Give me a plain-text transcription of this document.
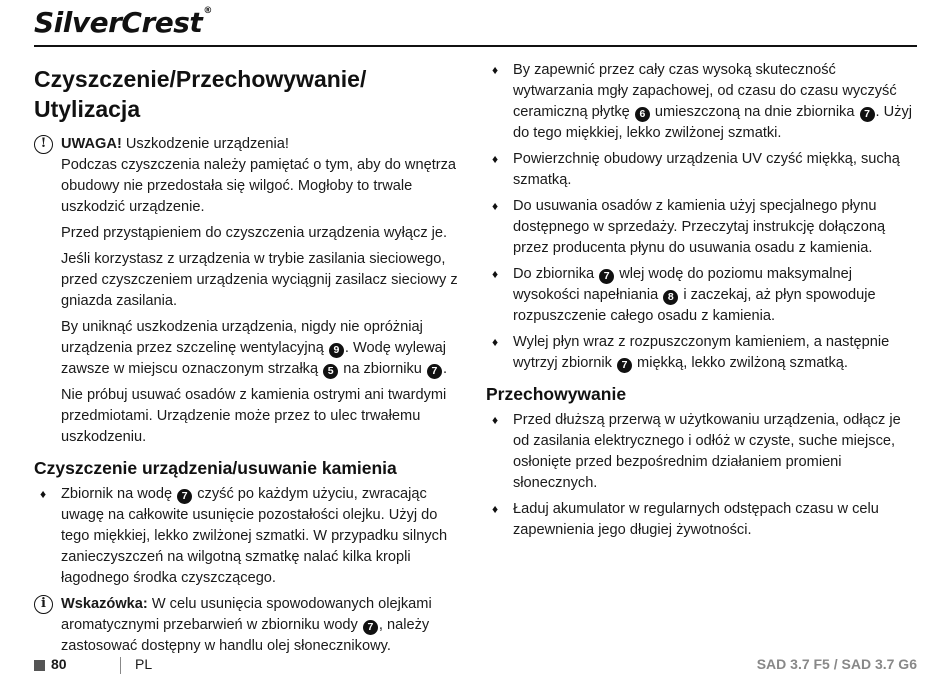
SilverCrest®
Czyszczenie/Przechowywanie/ Utylizacja
!	UWAGA! Uszkodzenie urządzenia!
Podczas czyszczenia należy pamiętać o tym, aby do wnętrza obudowy nie przedostała się wilgoć. Mogłoby to trwale uszkodzić urządzenie.

Przed przystąpieniem do czyszczenia urządzenia wyłącz je.

Jeśli korzystasz z urządzenia w trybie zasilania sieciowego, przed czyszczeniem urządzenia wyciągnij zasilacz sieciowy z gniazda zasilania.

By uniknąć uszkodzenia urządzenia, nigdy nie opróżniaj urządzenia przez szczelinę wentylacyjną 9 . Wodę wylewaj zawsze w miejscu oznaczonym strzałką 5 na zbiorniku 7 .

Nie próbuj usuwać osadów z kamienia ostrymi ani twardymi przedmiotami. Urządzenie może przez to ulec trwałemu uszkodzeniu.

Czyszczenie urządzenia/usuwanie kamienia
♦ Zbiornik na wodę 7 czyść po każdym użyciu, zwracając uwagę na całkowite usunięcie pozostałości olejku. Użyj do tego miękkiej, lekko zwilżonej szmatki. W przypadku silnych zanieczyszczeń na wilgotną szmatkę nalać kilka kropli łagodnego środka czyszczącego.
i	Wskazówka: W celu usunięcia spowodowanych olejkami aromatycznymi przebarwień w zbiorniku wody 7 , należy zastosować dostępny w handlu olej słonecznikowy.
♦ By zapewnić przez cały czas wysoką skuteczność wytwarzania mgły zapachowej, od czasu do czasu wyczyść ceramiczną płytkę 6 umieszczoną na dnie zbiornika 7 . Użyj do tego miękkiej, lekko zwilżonej szmatki.
♦ Powierzchnię obudowy urządzenia UV czyść miękką, suchą szmatką.
♦ Do usuwania osadów z kamienia użyj specjalnego płynu dostępnego w sprzedaży. Przeczytaj instrukcję dołączoną przez producenta płynu do usuwania osadu z kamienia.
♦ Do zbiornika 7 wlej wodę do poziomu maksymalnej wysokości napełniania 8 i zaczekaj, aż płyn spowoduje rozpuszczenie całego osadu z kamienia.
♦ Wylej płyn wraz z rozpuszczonym kamieniem, a następnie wytrzyj zbiornik 7 miękką, lekko zwilżoną szmatką.
Przechowywanie
♦ Przed dłuższą przerwą w użytkowaniu urządzenia, odłącz je od zasilania elektrycznego i odłóż w czyste, suche miejsce, osłonięte przed bezpośrednim działaniem promieni słonecznych.
♦ Ładuj akumulator w regularnych odstępach czasu w celu zapewnienia jego długiej żywotności.
80	PL	SAD 3.7 F5 / SAD 3.7 G6
